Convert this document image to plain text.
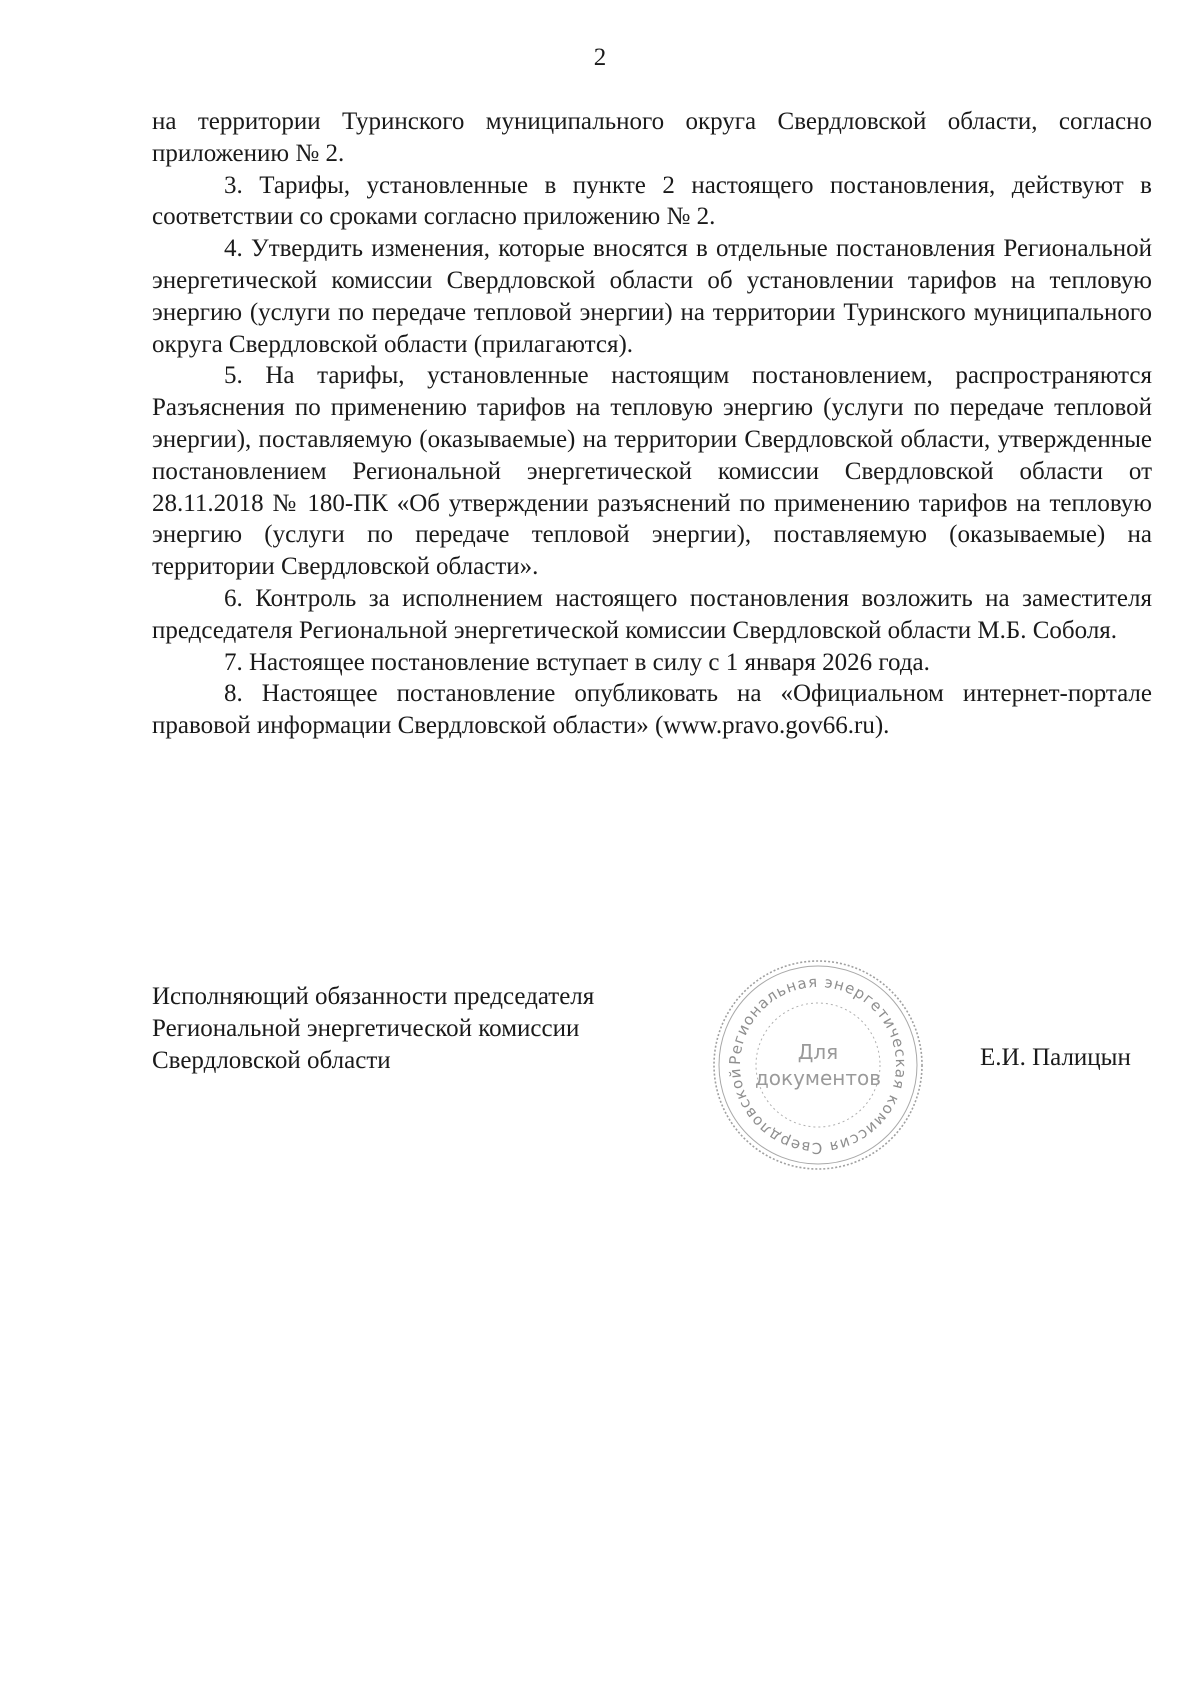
2

на территории Туринского муниципального округа Свердловской области, согласно приложению № 2.

3. Тарифы, установленные в пункте 2 настоящего постановления, действуют в соответствии со сроками согласно приложению № 2.

4. Утвердить изменения, которые вносятся в отдельные постановления Региональной энергетической комиссии Свердловской области об установлении тарифов на тепловую энергию (услуги по передаче тепловой энергии) на территории Туринского муниципального округа Свердловской области (прилагаются).

5. На тарифы, установленные настоящим постановлением, распространяются Разъяснения по применению тарифов на тепловую энергию (услуги по передаче тепловой энергии), поставляемую (оказываемые) на территории Свердловской области, утвержденные постановлением Региональной энергетической комиссии Свердловской области от 28.11.2018 № 180-ПК «Об утверждении разъяснений по применению тарифов на тепловую энергию (услуги по передаче тепловой энергии), поставляемую (оказываемые) на территории Свердловской области».

6. Контроль за исполнением настоящего постановления возложить на заместителя председателя Региональной энергетической комиссии Свердловской области М.Б. Соболя.

7. Настоящее постановление вступает в силу с 1 января 2026 года.

8. Настоящее постановление опубликовать на «Официальном интернет-портале правовой информации Свердловской области» (www.pravo.gov66.ru).

Исполняющий обязанности председателя
Региональной энергетической комиссии
Свердловской области	Региональная энергетическая комиссия Свердловской
Для
документов
Е.И. Палицын
